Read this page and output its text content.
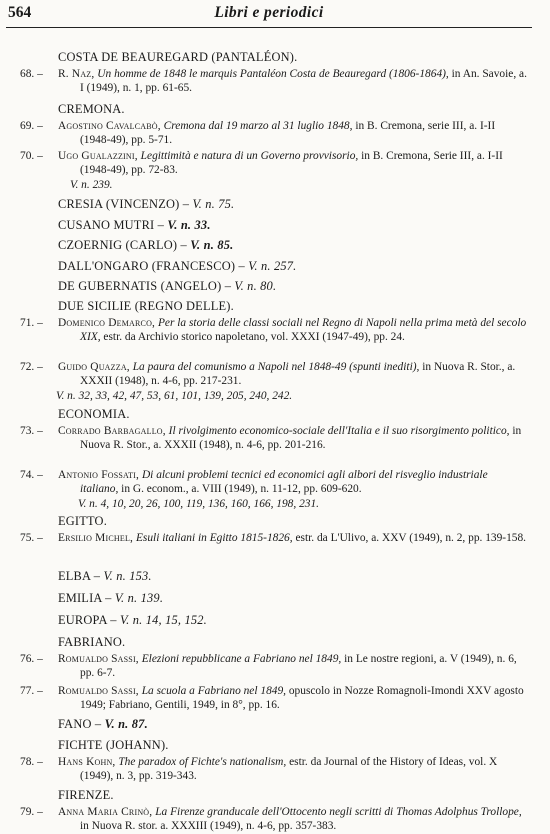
564	Libri e periodici
COSTA DE BEAUREGARD (PANTALÉON).
68. – R. Naz, Un homme de 1848 le marquis Pantaléon Costa de Beauregard (1806-1864), in An. Savoie, a. I (1949), n. 1, pp. 61-65.

CREMONA.
69. – Agostino Cavalcabò, Cremona dal 19 marzo al 31 luglio 1848, in B. Cremona, serie III, a. I-II (1948-49), pp. 5-71.

70. – Ugo Gualazzini, Legittimità e natura di un Governo provvisorio, in B. Cremona, Serie III, a. I-II (1948-49), pp. 72-83.

V. n. 239.
CRESIA (VINCENZO) – V. n. 75.
CUSANO MUTRI – V. n. 33.
CZOERNIG (CARLO) – V. n. 85.
DALL'ONGARO (FRANCESCO) – V. n. 257.
DE GUBERNATIS (ANGELO) – V. n. 80.
DUE SICILIE (REGNO DELLE).
71. – Domenico Demarco, Per la storia delle classi sociali nel Regno di Napoli nella prima metà del secolo XIX, estr. da Archivio storico napoletano, vol. XXXI (1947-49), pp. 24.

72. – Guido Quazza, La paura del comunismo a Napoli nel 1848-49 (spunti inediti), in Nuova R. Stor., a. XXXII (1948), n. 4-6, pp. 217-231.

V. n. 32, 33, 42, 47, 53, 61, 101, 139, 205, 240, 242.
ECONOMIA.
73. – Corrado Barbagallo, Il rivolgimento economico-sociale dell'Italia e il suo risorgimento politico, in Nuova R. Stor., a. XXXII (1948), n. 4-6, pp. 201-216.

74. – Antonio Fossati, Di alcuni problemi tecnici ed economici agli albori del risveglio industriale italiano, in G. econom., a. VIII (1949), n. 11-12, pp. 609-620.

V. n. 4, 10, 20, 26, 100, 119, 136, 160, 166, 198, 231.
EGITTO.
75. – Ersilio Michel, Esuli italiani in Egitto 1815-1826, estr. da L'Ulivo, a. XXV (1949), n. 2, pp. 139-158.

ELBA – V. n. 153.
EMILIA – V. n. 139.
EUROPA – V. n. 14, 15, 152.
FABRIANO.
76. – Romualdo Sassi, Elezioni repubblicane a Fabriano nel 1849, in Le nostre regioni, a. V (1949), n. 6, pp. 6-7.

77. – Romualdo Sassi, La scuola a Fabriano nel 1849, opuscolo in Nozze Romagnoli-Imondi XXV agosto 1949; Fabriano, Gentili, 1949, in 8°, pp. 16.

FANO – V. n. 87.
FICHTE (JOHANN).
78. – Hans Kohn, The paradox of Fichte's nationalism, estr. da Journal of the History of Ideas, vol. X (1949), n. 3, pp. 319-343.

FIRENZE.
79. – Anna Maria Crinò, La Firenze granducale dell'Ottocento negli scritti di Thomas Adolphus Trollope, in Nuova R. stor. a. XXXIII (1949), n. 4-6, pp. 357-383.
